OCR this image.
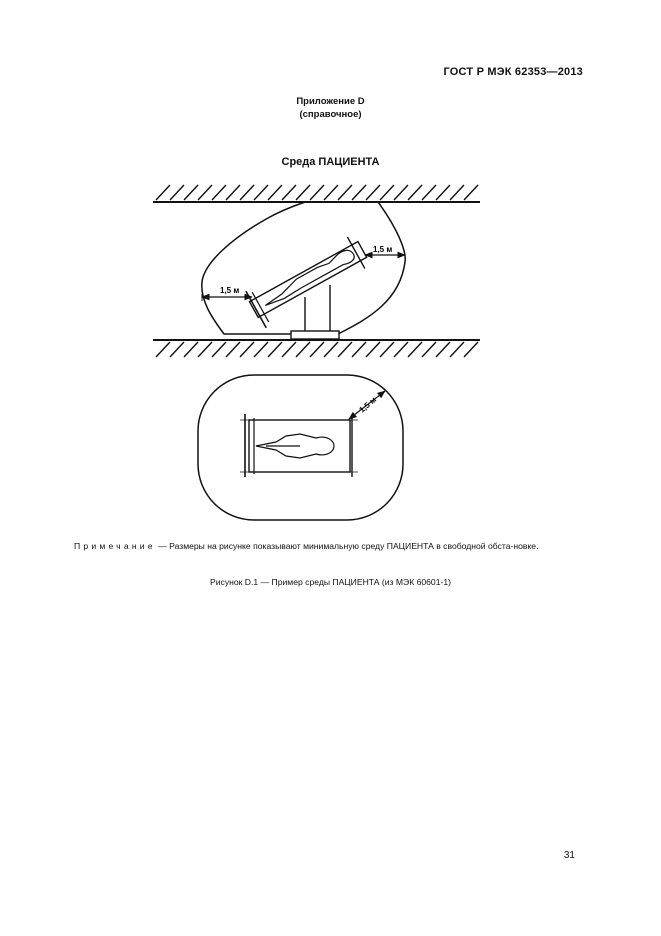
ГОСТ Р МЭК 62353—2013
Приложение D
(справочное)
Среда ПАЦИЕНТА
1,5 м
1,5 м
1,5 м
Примечание — Размеры на рисунке показывают минимальную среду ПАЦИЕНТА в свободной обста-новке.
Рисунок D.1 — Пример среды ПАЦИЕНТА (из МЭК 60601-1)
31
